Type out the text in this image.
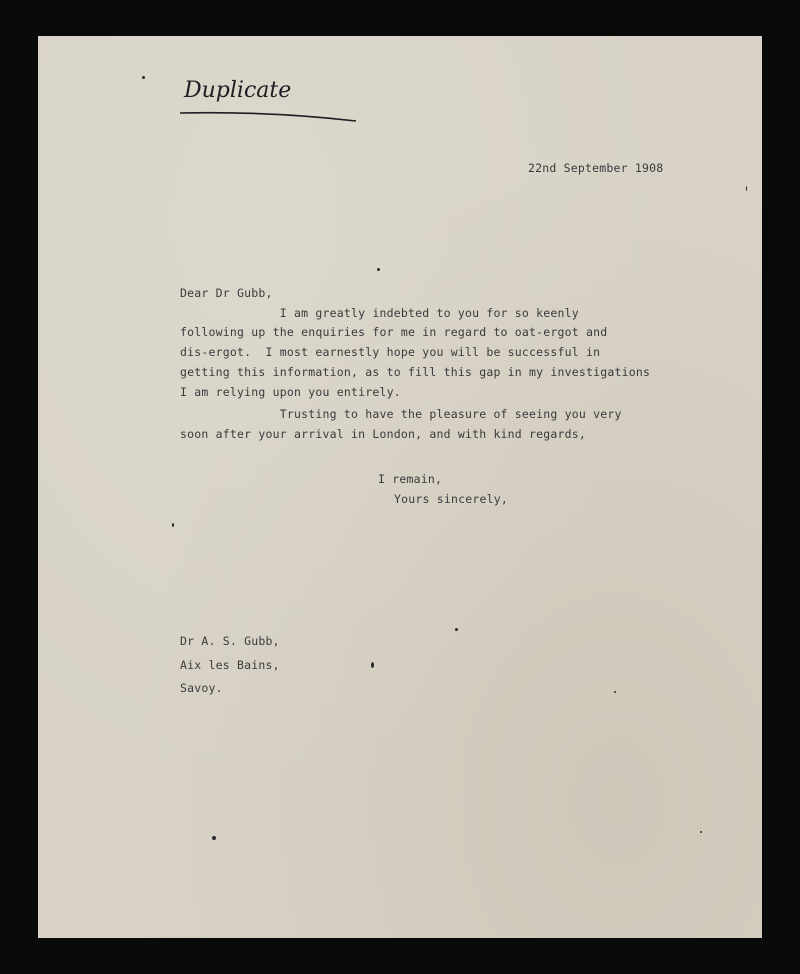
Duplicate

22nd September 1908

Dear Dr Gubb,

I am greatly indebted to you for so keenly

following up the enquiries for me in regard to oat-ergot and

dis-ergot.  I most earnestly hope you will be successful in

getting this information, as to fill this gap in my investigations

I am relying upon you entirely.

Trusting to have the pleasure of seeing you very

soon after your arrival in London, and with kind regards,

I remain,

Yours sincerely,

Dr A. S. Gubb,

Aix les Bains,

Savoy.
